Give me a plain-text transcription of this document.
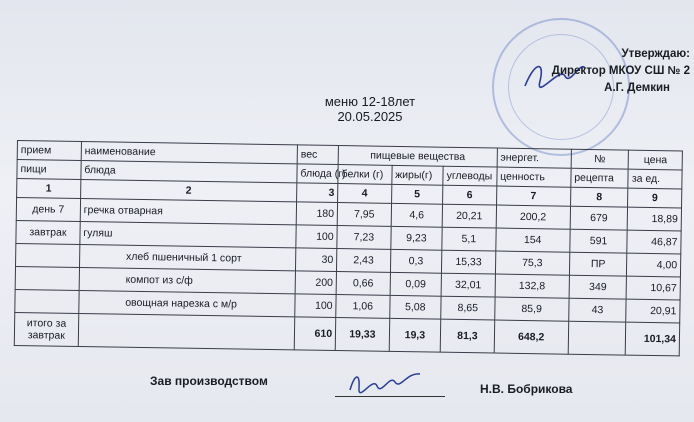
Утверждаю:
Директор МКОУ СШ № 2
А.Г. Демкин
меню 12-18лет
20.05.2025
прием	наименование	вес	пищевые вещества			энергет.	№	цена
пищи	блюда	блюда (г)	белки (г)	жиры(г)	углеводы	ценность	рецепта	за ед.
1	2	3	4	5	6	7	8	9
день 7	гречка отварная	180	7,95	4,6	20,21	200,2	679	18,89
завтрак	гуляш	100	7,23	9,23	5,1	154	591	46,87
	хлеб пшеничный 1 сорт	30	2,43	0,3	15,33	75,3	ПР	4,00
	компот из с/ф	200	0,66	0,09	32,01	132,8	349	10,67
	овощная нарезка с м/р	100	1,06	5,08	8,65	85,9	43	20,91

итого за
завтрак		610	19,33	19,3	81,3	648,2		101,34
Зав производством
Н.В. Бобрикова
